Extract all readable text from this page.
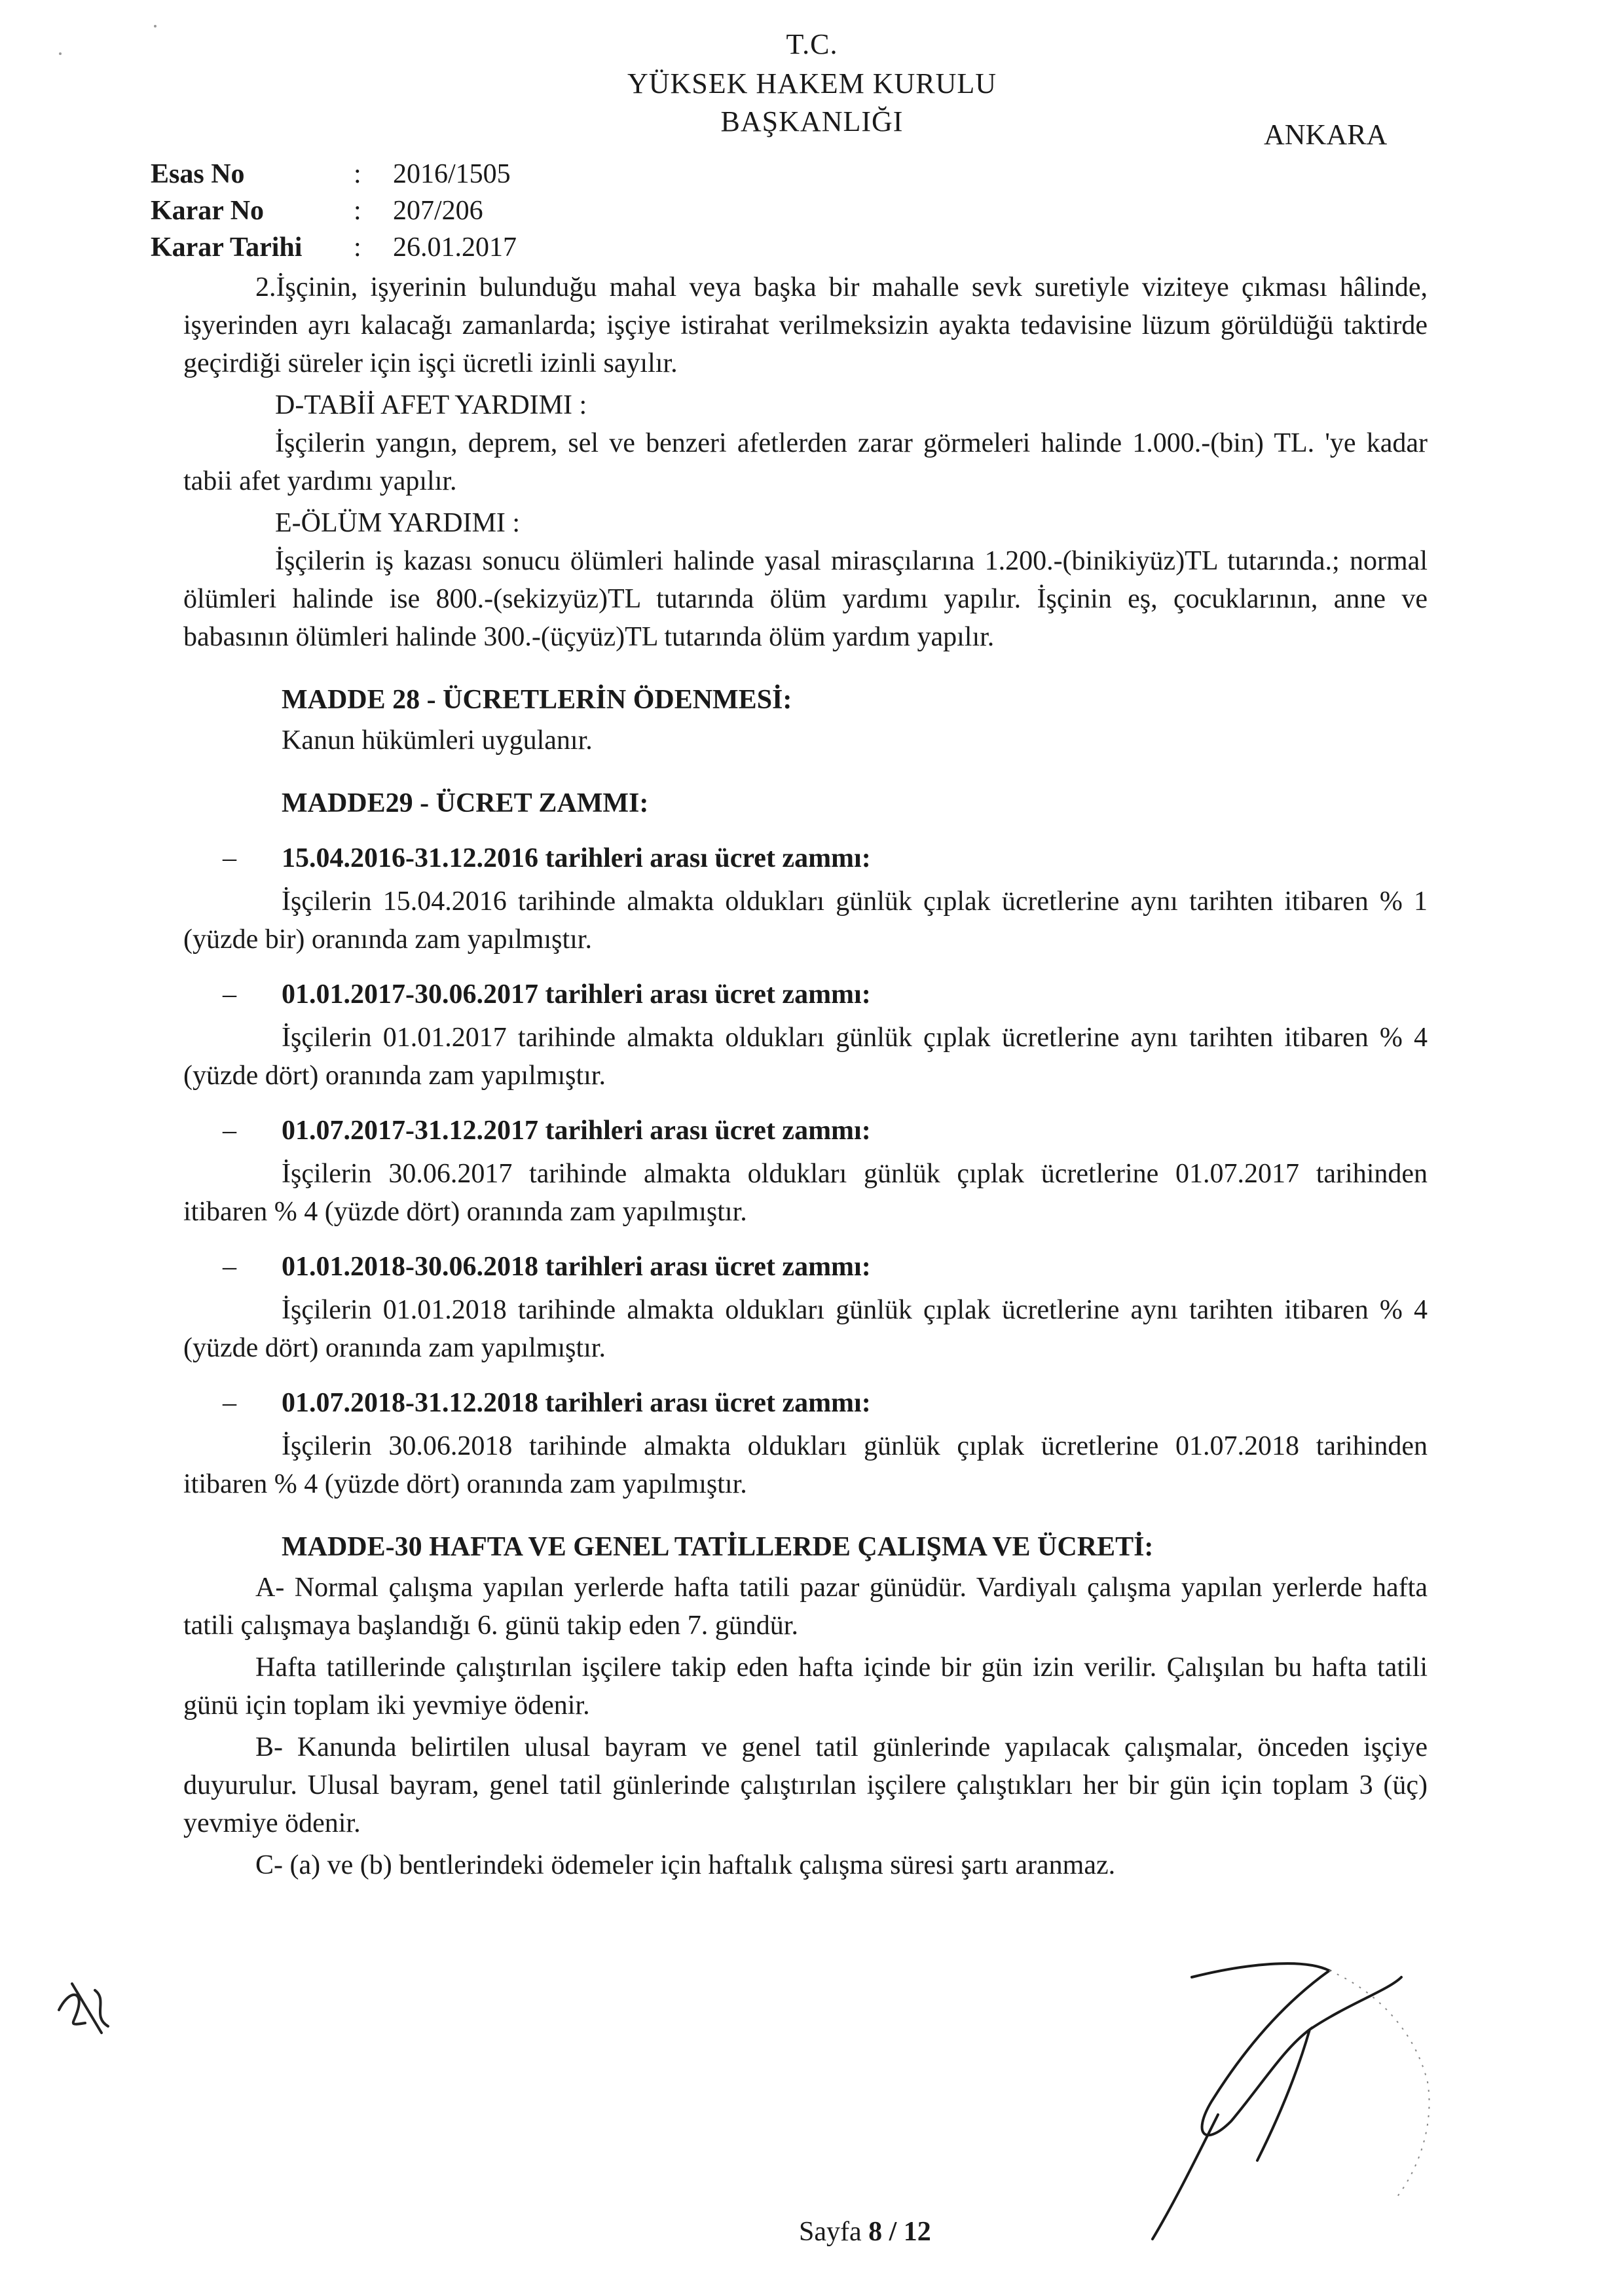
T.C.
YÜKSEK HAKEM KURULU
BAŞKANLIĞI	ANKARA
Esas No	:	2016/1505
Karar No	:	207/206
Karar Tarihi	:	26.01.2017

2.İşçinin, işyerinin bulunduğu mahal veya başka bir mahalle sevk suretiyle viziteye çıkması hâlinde, işyerinden ayrı kalacağı zamanlarda; işçiye istirahat verilmeksizin ayakta tedavisine lüzum görüldüğü taktirde geçirdiği süreler için işçi ücretli izinli sayılır.

D-TABİİ AFET YARDIMI :

İşçilerin yangın, deprem, sel ve benzeri afetlerden zarar görmeleri halinde 1.000.-(bin) TL. 'ye kadar tabii afet yardımı yapılır.

E-ÖLÜM YARDIMI :

İşçilerin iş kazası sonucu ölümleri halinde yasal mirasçılarına 1.200.-(binikiyüz)TL tutarında.; normal ölümleri halinde ise 800.-(sekizyüz)TL tutarında ölüm yardımı yapılır. İşçinin eş, çocuklarının, anne ve babasının ölümleri halinde 300.-(üçyüz)TL tutarında ölüm yardım yapılır.

MADDE 28 - ÜCRETLERİN ÖDENMESİ:

Kanun hükümleri uygulanır.

MADDE29 - ÜCRET ZAMMI:

–	15.04.2016-31.12.2016 tarihleri arası ücret zammı:

İşçilerin 15.04.2016 tarihinde almakta oldukları günlük çıplak ücretlerine aynı tarihten itibaren % 1 (yüzde bir) oranında zam yapılmıştır.

–	01.01.2017-30.06.2017 tarihleri arası ücret zammı:

İşçilerin 01.01.2017 tarihinde almakta oldukları günlük çıplak ücretlerine aynı tarihten itibaren % 4 (yüzde dört) oranında zam yapılmıştır.

–	01.07.2017-31.12.2017 tarihleri arası ücret zammı:

İşçilerin 30.06.2017 tarihinde almakta oldukları günlük çıplak ücretlerine 01.07.2017 tarihinden itibaren % 4 (yüzde dört) oranında zam yapılmıştır.

–	01.01.2018-30.06.2018 tarihleri arası ücret zammı:

İşçilerin 01.01.2018 tarihinde almakta oldukları günlük çıplak ücretlerine aynı tarihten itibaren % 4 (yüzde dört) oranında zam yapılmıştır.

–	01.07.2018-31.12.2018 tarihleri arası ücret zammı:

İşçilerin 30.06.2018 tarihinde almakta oldukları günlük çıplak ücretlerine 01.07.2018 tarihinden itibaren % 4 (yüzde dört) oranında zam yapılmıştır.

MADDE-30 HAFTA VE GENEL TATİLLERDE ÇALIŞMA VE ÜCRETİ:

A- Normal çalışma yapılan yerlerde hafta tatili pazar günüdür. Vardiyalı çalışma yapılan yerlerde hafta tatili çalışmaya başlandığı 6. günü takip eden 7. gündür.

Hafta tatillerinde çalıştırılan işçilere takip eden hafta içinde bir gün izin verilir. Çalışılan bu hafta tatili günü için toplam iki yevmiye ödenir.

B- Kanunda belirtilen ulusal bayram ve genel tatil günlerinde yapılacak çalışmalar, önceden işçiye duyurulur. Ulusal bayram, genel tatil günlerinde çalıştırılan işçilere çalıştıkları her bir gün için toplam 3 (üç) yevmiye ödenir.

C- (a) ve (b) bentlerindeki ödemeler için haftalık çalışma süresi şartı aranmaz.

Sayfa 8 / 12
